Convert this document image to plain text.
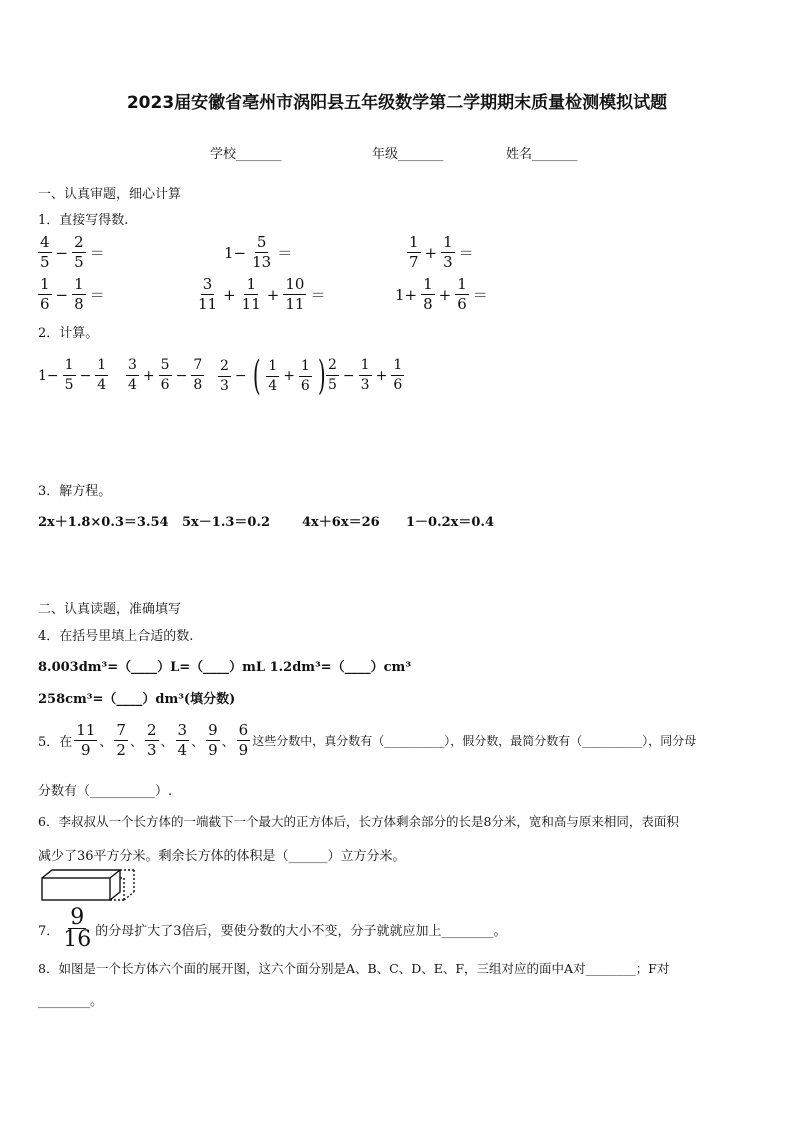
2023届安徽省亳州市涡阳县五年级数学第二学期期末质量检测模拟试题
学校_______	年级_______	姓名_______
一、认真审题，细心计算
1．直接写得数.
$\frac{4}{5} - \frac{2}{5}$ ＝	$1- \frac{5}{13}$ ＝	$\frac{1}{7} + \frac{1}{3}$ ＝
$\frac{1}{6} - \frac{1}{8}$ ＝	$\frac{3}{11} + \frac{1}{11} + \frac{10}{11}$ ＝	$1+ \frac{1}{8} + \frac{1}{6}$ ＝
2．计算。
$1- \frac{1}{5} - \frac{1}{4} \frac{3}{4} + \frac{5}{6} - \frac{7}{8} \frac{2}{3}$ − ( $\frac{1}{4} + \frac{1}{6}$ ) $\frac{2}{5} - \frac{1}{3} + \frac{1}{6}$
3．解方程。
2x＋1.8×0.3＝3.54 5x－1.3＝0.2 4x＋6x＝26 1－0.2x＝0.4
二、认真读题，准确填写
4．在括号里填上合适的数.
8.003dm³=（____）L=（____）mL 1.2dm³=（____）cm³
258cm³=（____）dm³(填分数)
5．在 $\frac{11}{9}$ 、 $\frac{7}{2}$ 、 $\frac{2}{3}$ 、 $\frac{3}{4}$ 、 $\frac{9}{9}$ 、 $\frac{6}{9}$ 这些分数中，真分数有（__________），假分数，最简分数有（__________），同分母
分数有（__________）.
6．李叔叔从一个长方体的一端截下一个最大的正方体后，长方体剩余部分的长是8分米，宽和高与原来相同，表面积
减少了36平方分米。剩余长方体的体积是（______）立方分米。
7． $\frac{9}{16}$ 的分母扩大了3倍后，要使分数的大小不变，分子就就应加上________。
8．如图是一个长方体六个面的展开图，这六个面分别是A、B、C、D、E、F，三组对应的面中A对________；F对
________。
